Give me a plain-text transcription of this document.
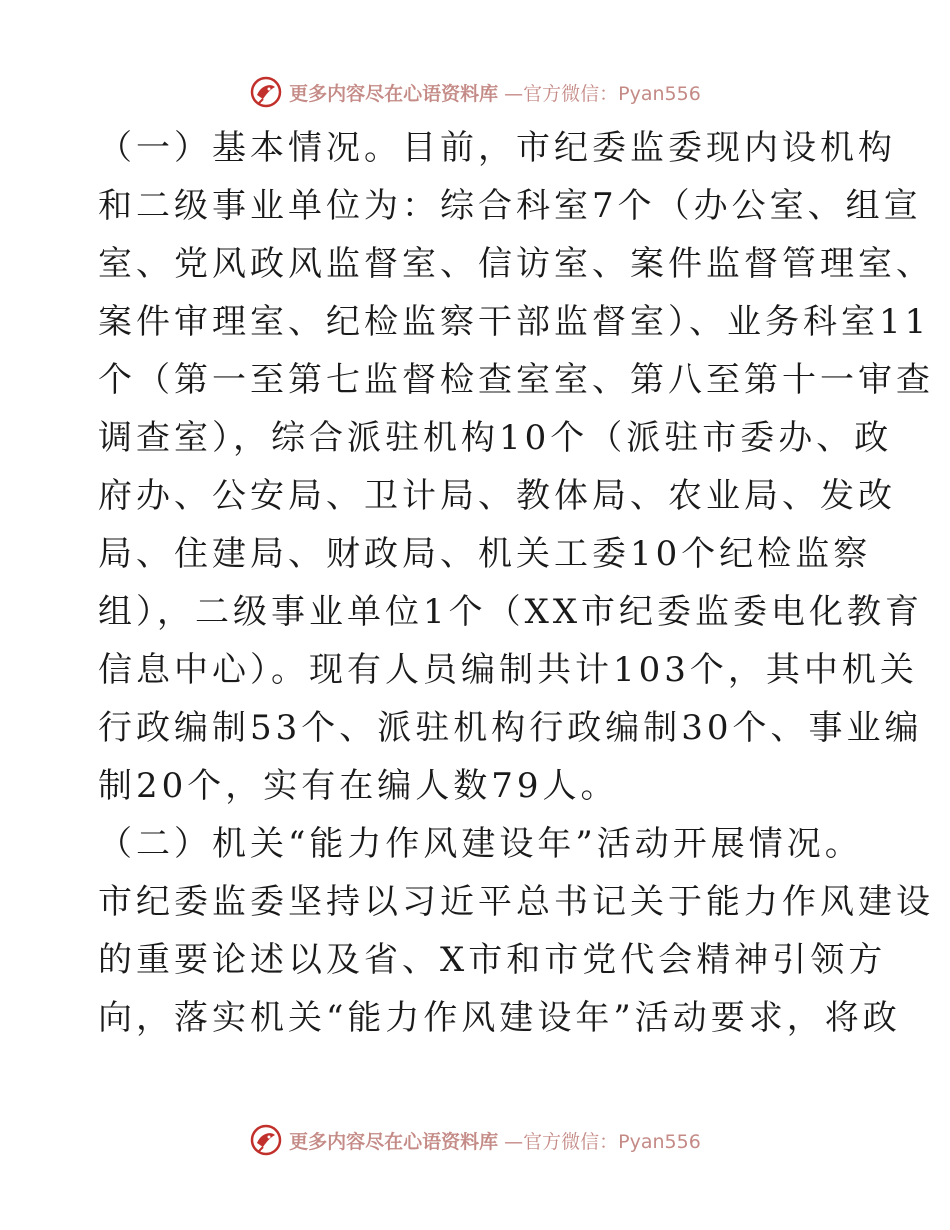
更多内容尽在心语资料库 —官方微信：Pyan556
（一）基本情况。目前，市纪委监委现内设机构
和二级事业单位为：综合科室7个（办公室、组宣
室、党风政风监督室、信访室、案件监督管理室、
案件审理室、纪检监察干部监督室）、业务科室11
个（第一至第七监督检查室室、第八至第十一审查
调查室），综合派驻机构10个（派驻市委办、政
府办、公安局、卫计局、教体局、农业局、发改
局、住建局、财政局、机关工委10个纪检监察
组），二级事业单位1个（XX市纪委监委电化教育
信息中心）。现有人员编制共计103个，其中机关
行政编制53个、派驻机构行政编制30个、事业编
制20个，实有在编人数79人。
（二）机关“能力作风建设年”活动开展情况。
市纪委监委坚持以习近平总书记关于能力作风建设
的重要论述以及省、X市和市党代会精神引领方
向，落实机关“能力作风建设年”活动要求，将政
更多内容尽在心语资料库 —官方微信：Pyan556
